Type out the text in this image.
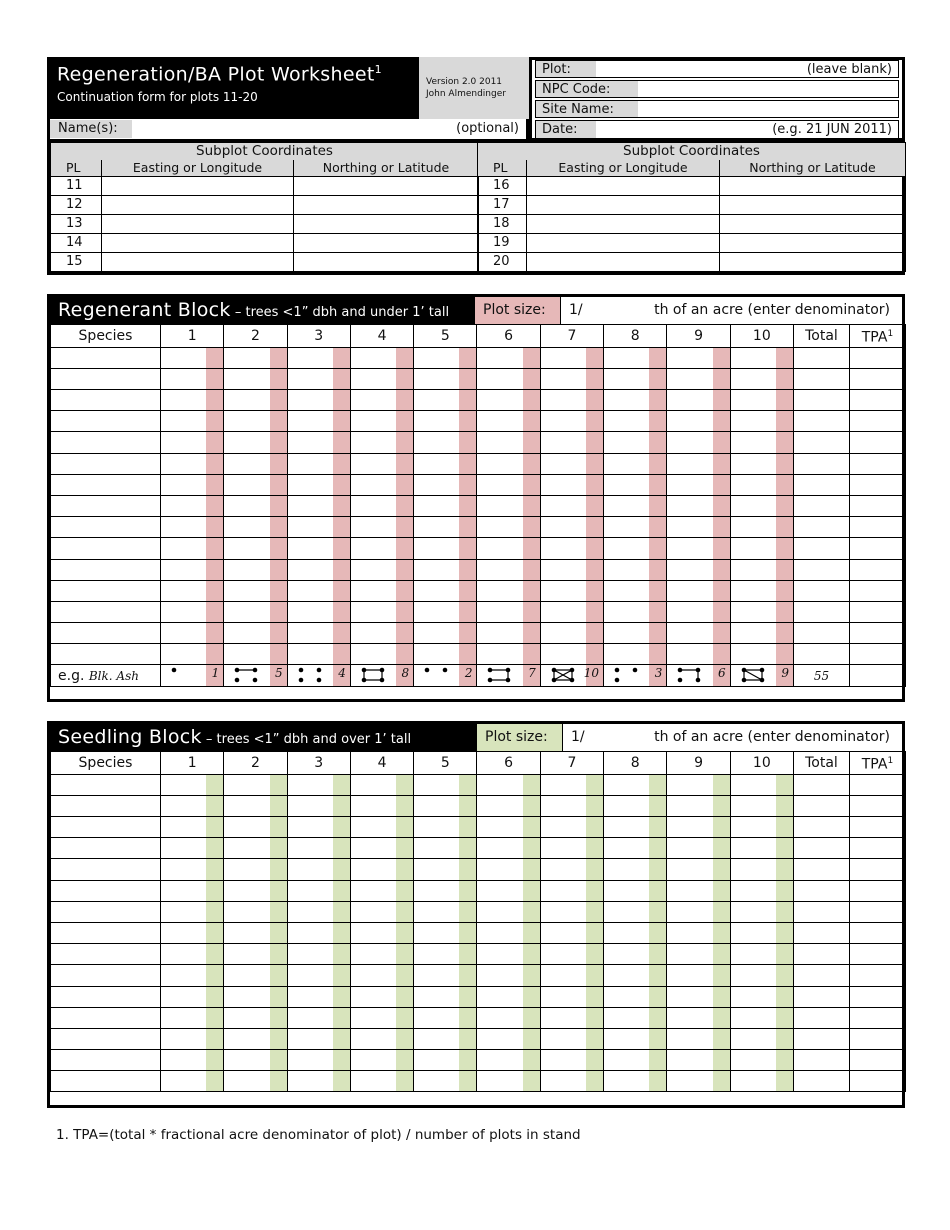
Regeneration/BA Plot Worksheet$^1$
Continuation form for plots 11-20
Version 2.0 2011
John Almendinger
Plot:	(leave blank)
NPC Code:
Site Name:
Date:	(e.g. 21 JUN 2011)
Name(s):	(optional)
Subplot Coordinates		
PL	Easting or Longitude	Northing or Latitude
11		
12		
13		
14		
15		
Subplot Coordinates		
PL	Easting or Longitude	Northing or Latitude
16		
17		
18		
19		
20		
Regenerant Block – trees <1” dbh and under 1’ tall	Plot size:	1/	th of an acre (enter denominator)
Species	1	2	3	4	5	6	7	8	9	10	Total	TPA$^1$

e.g. Blk. Ash	1	5	4	8	2	7	10	3	6	9	55	
Seedling Block – trees <1” dbh and over 1’ tall	Plot size:	1/	th of an acre (enter denominator)
Species	1	2	3	4	5	6	7	8	9	10	Total	TPA$^1$

1. TPA=(total * fractional acre denominator of plot) / number of plots in stand
